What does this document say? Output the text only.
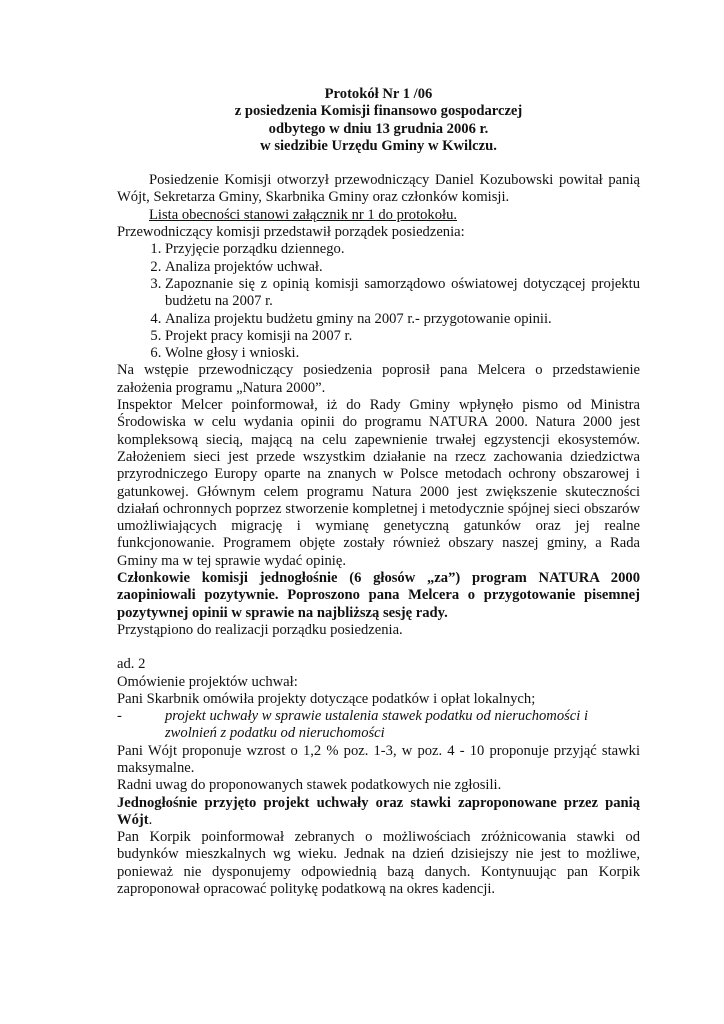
Protokół Nr 1 /06
z posiedzenia Komisji finansowo gospodarczej
odbytego w dniu 13 grudnia 2006 r.
w siedzibie Urzędu Gminy w Kwilczu.

Posiedzenie Komisji otworzył przewodniczący Daniel Kozubowski powitał panią Wójt, Sekretarza Gminy, Skarbnika Gminy oraz członków komisji.

Lista obecności stanowi załącznik nr 1 do protokołu.

Przewodniczący komisji przedstawił porządek posiedzenia:

1. Przyjęcie porządku dziennego.
2. Analiza projektów uchwał.
3. Zapoznanie się z opinią komisji samorządowo oświatowej dotyczącej projektu budżetu na 2007 r.
4. Analiza projektu budżetu gminy na 2007 r.- przygotowanie opinii.
5. Projekt pracy komisji na 2007 r.
6. Wolne głosy i wnioski.

Na wstępie przewodniczący posiedzenia poprosił pana Melcera o przedstawienie założenia programu „Natura 2000”.

Inspektor Melcer poinformował, iż do Rady Gminy wpłynęło pismo od Ministra Środowiska w celu wydania opinii do programu NATURA 2000. Natura 2000 jest kompleksową siecią, mającą na celu zapewnienie trwałej egzystencji ekosystemów. Założeniem sieci jest przede wszystkim działanie na rzecz zachowania dziedzictwa przyrodniczego Europy oparte na znanych w Polsce metodach ochrony obszarowej i gatunkowej. Głównym celem programu Natura 2000 jest zwiększenie skuteczności działań ochronnych poprzez stworzenie kompletnej i metodycznie spójnej sieci obszarów umożliwiających migrację i wymianę genetyczną gatunków oraz jej realne funkcjonowanie. Programem objęte zostały również obszary naszej gminy, a Rada Gminy ma w tej sprawie wydać opinię.

Członkowie komisji jednogłośnie (6 głosów „za”) program NATURA 2000 zaopiniowali pozytywnie. Poproszono pana Melcera o przygotowanie pisemnej pozytywnej opinii w sprawie na najbliższą sesję rady.

Przystąpiono do realizacji porządku posiedzenia.

ad. 2

Omówienie projektów uchwał:

Pani Skarbnik omówiła projekty dotyczące podatków i opłat lokalnych;

-	projekt uchwały w sprawie ustalenia stawek podatku od nieruchomości i zwolnień z podatku od nieruchomości

Pani Wójt proponuje wzrost o 1,2 % poz. 1-3, w poz. 4 - 10 proponuje przyjąć stawki maksymalne.

Radni uwag do proponowanych stawek podatkowych nie zgłosili.

Jednogłośnie przyjęto projekt uchwały oraz stawki zaproponowane przez panią Wójt.

Pan Korpik poinformował zebranych o możliwościach zróżnicowania stawki od budynków mieszkalnych wg wieku. Jednak na dzień dzisiejszy nie jest to możliwe, ponieważ nie dysponujemy odpowiednią bazą danych. Kontynuując pan Korpik zaproponował opracować politykę podatkową na okres kadencji.
